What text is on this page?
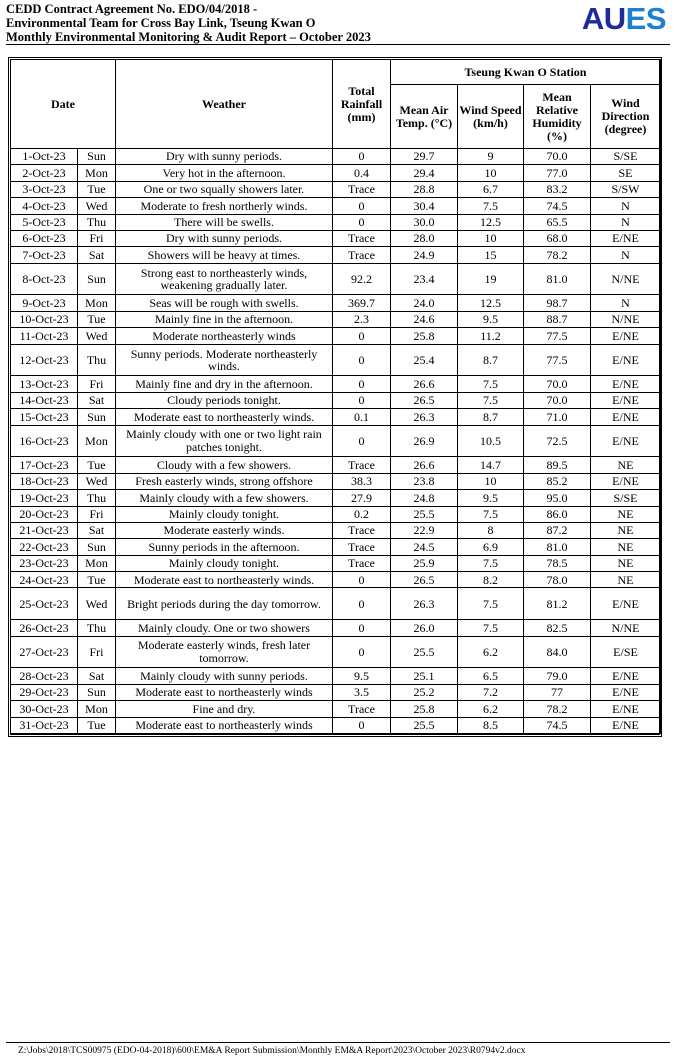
CEDD Contract Agreement No. EDO/04/2018 -
Environmental Team for Cross Bay Link, Tseung Kwan O
Monthly Environmental Monitoring & Audit Report – October 2023
AUES
Date		Weather	Total Rainfall (mm)	Tseung Kwan O Station			
				Mean Air Temp. (°C)	Wind Speed (km/h)	Mean Relative Humidity (%)	Wind Direction (degree)
1-Oct-23	Sun	Dry with sunny periods.	0	29.7	9	70.0	S/SE
2-Oct-23	Mon	Very hot in the afternoon.	0.4	29.4	10	77.0	SE
3-Oct-23	Tue	One or two squally showers later.	Trace	28.8	6.7	83.2	S/SW
4-Oct-23	Wed	Moderate to fresh northerly winds.	0	30.4	7.5	74.5	N
5-Oct-23	Thu	There will be swells.	0	30.0	12.5	65.5	N
6-Oct-23	Fri	Dry with sunny periods.	Trace	28.0	10	68.0	E/NE
7-Oct-23	Sat	Showers will be heavy at times.	Trace	24.9	15	78.2	N
8-Oct-23	Sun	Strong east to northeasterly winds, weakening gradually later.	92.2	23.4	19	81.0	N/NE
9-Oct-23	Mon	Seas will be rough with swells.	369.7	24.0	12.5	98.7	N
10-Oct-23	Tue	Mainly fine in the afternoon.	2.3	24.6	9.5	88.7	N/NE
11-Oct-23	Wed	Moderate northeasterly winds	0	25.8	11.2	77.5	E/NE
12-Oct-23	Thu	Sunny periods. Moderate northeasterly winds.	0	25.4	8.7	77.5	E/NE
13-Oct-23	Fri	Mainly fine and dry in the afternoon.	0	26.6	7.5	70.0	E/NE
14-Oct-23	Sat	Cloudy periods tonight.	0	26.5	7.5	70.0	E/NE
15-Oct-23	Sun	Moderate east to northeasterly winds.	0.1	26.3	8.7	71.0	E/NE
16-Oct-23	Mon	Mainly cloudy with one or two light rain patches tonight.	0	26.9	10.5	72.5	E/NE
17-Oct-23	Tue	Cloudy with a few showers.	Trace	26.6	14.7	89.5	NE
18-Oct-23	Wed	Fresh easterly winds, strong offshore	38.3	23.8	10	85.2	E/NE
19-Oct-23	Thu	Mainly cloudy with a few showers.	27.9	24.8	9.5	95.0	S/SE
20-Oct-23	Fri	Mainly cloudy tonight.	0.2	25.5	7.5	86.0	NE
21-Oct-23	Sat	Moderate easterly winds.	Trace	22.9	8	87.2	NE
22-Oct-23	Sun	Sunny periods in the afternoon.	Trace	24.5	6.9	81.0	NE
23-Oct-23	Mon	Mainly cloudy tonight.	Trace	25.9	7.5	78.5	NE
24-Oct-23	Tue	Moderate east to northeasterly winds.	0	26.5	8.2	78.0	NE
25-Oct-23	Wed	Bright periods during the day tomorrow.	0	26.3	7.5	81.2	E/NE
26-Oct-23	Thu	Mainly cloudy. One or two showers	0	26.0	7.5	82.5	N/NE
27-Oct-23	Fri	Moderate easterly winds, fresh later tomorrow.	0	25.5	6.2	84.0	E/SE
28-Oct-23	Sat	Mainly cloudy with sunny periods.	9.5	25.1	6.5	79.0	E/NE
29-Oct-23	Sun	Moderate east to northeasterly winds	3.5	25.2	7.2	77	E/NE
30-Oct-23	Mon	Fine and dry.	Trace	25.8	6.2	78.2	E/NE
31-Oct-23	Tue	Moderate east to northeasterly winds	0	25.5	8.5	74.5	E/NE
Z:\Jobs\2018\TCS00975 (EDO-04-2018)\600\EM&A Report Submission\Monthly EM&A Report\2023\October 2023\R0794v2.docx
